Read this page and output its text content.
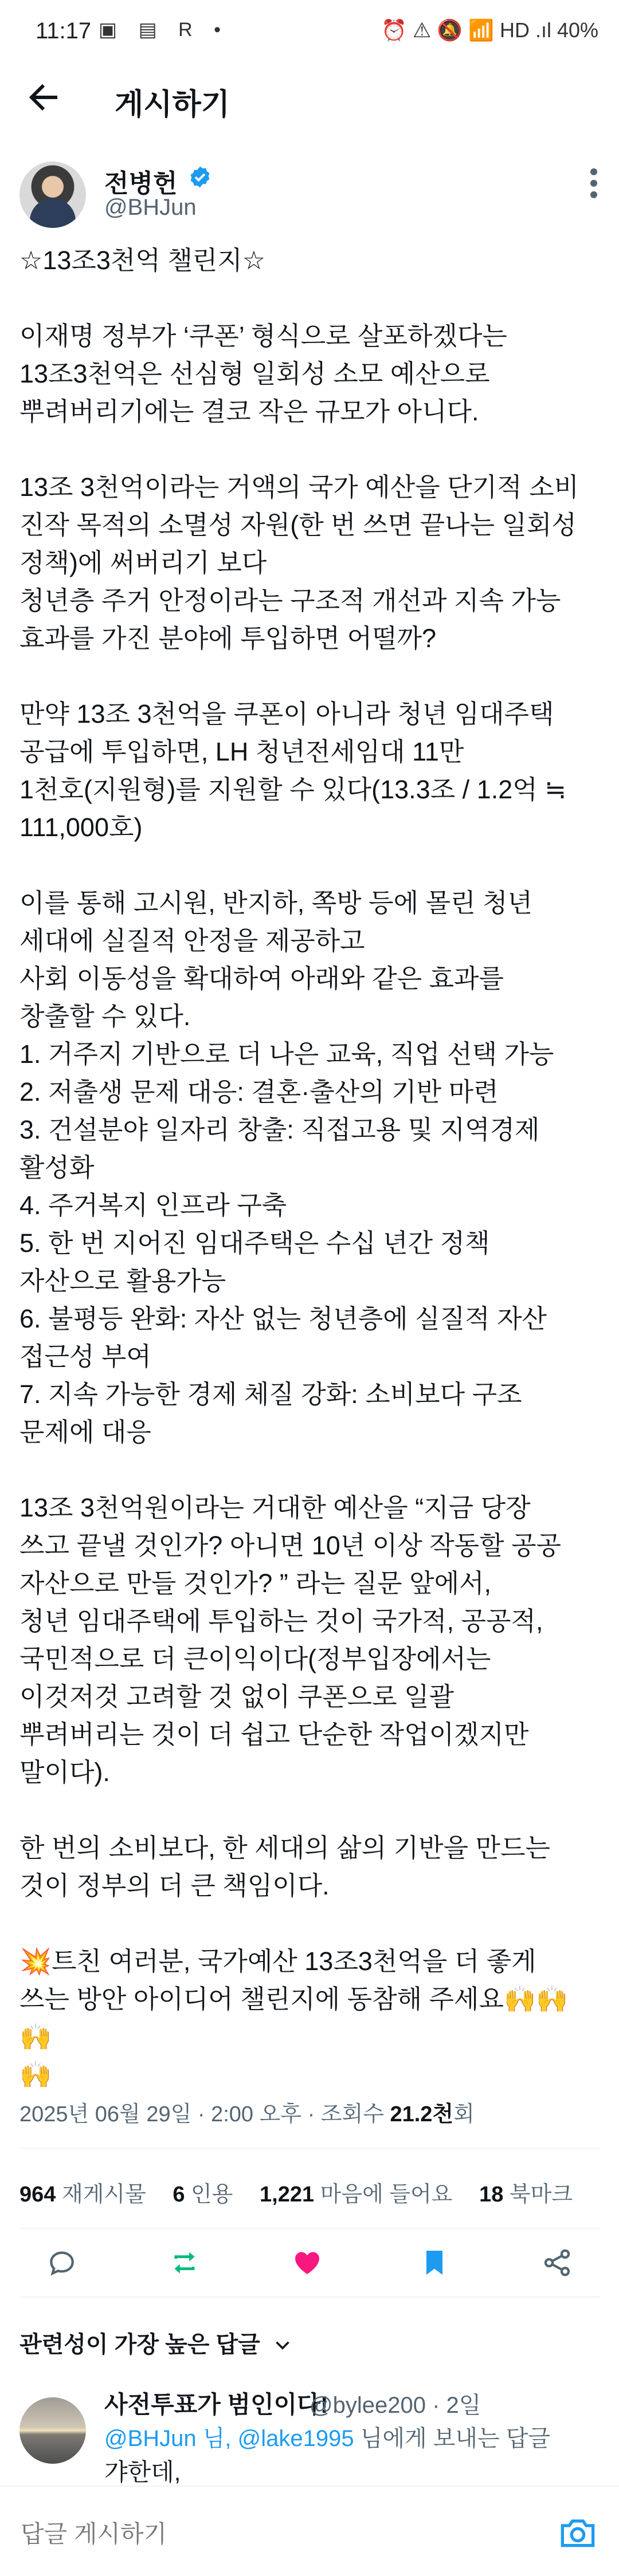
11:17 ▣ ▤ R •	⏰ ⚠ 🔕 📶 HD .ıl 40%
게시하기
전병헌
@BHJun
☆13조3천억 챌린지☆

이재명 정부가 ‘쿠폰’ 형식으로 살포하겠다는
13조3천억은 선심형 일회성 소모 예산으로
뿌려버리기에는 결코 작은 규모가 아니다.

13조 3천억이라는 거액의 국가 예산을 단기적 소비
진작 목적의 소멸성 자원(한 번 쓰면 끝나는 일회성
정책)에 써버리기 보다
청년층 주거 안정이라는 구조적 개선과 지속 가능
효과를 가진 분야에 투입하면 어떨까?

만약 13조 3천억을 쿠폰이 아니라 청년 임대주택
공급에 투입하면, LH 청년전세임대 11만
1천호(지원형)를 지원할 수 있다(13.3조 / 1.2억 ≒
111,000호)

이를 통해 고시원, 반지하, 쪽방 등에 몰린 청년
세대에 실질적 안정을 제공하고
사회 이동성을 확대하여 아래와 같은 효과를
창출할 수 있다.
1. 거주지 기반으로 더 나은 교육, 직업 선택 가능
2. 저출생 문제 대응: 결혼·출산의 기반 마련
3. 건설분야 일자리 창출: 직접고용 및 지역경제
활성화
4. 주거복지 인프라 구축
5. 한 번 지어진 임대주택은 수십 년간 정책
자산으로 활용가능
6. 불평등 완화: 자산 없는 청년층에 실질적 자산
접근성 부여
7. 지속 가능한 경제 체질 강화: 소비보다 구조
문제에 대응

13조 3천억원이라는 거대한 예산을 “지금 당장
쓰고 끝낼 것인가? 아니면 10년 이상 작동할 공공
자산으로 만들 것인가? ” 라는 질문 앞에서,
청년 임대주택에 투입하는 것이 국가적, 공공적,
국민적으로 더 큰이익이다(정부입장에서는
이것저것 고려할 것 없이 쿠폰으로 일괄
뿌려버리는 것이 더 쉽고 단순한 작업이겠지만
말이다).

한 번의 소비보다, 한 세대의 삶의 기반을 만드는
것이 정부의 더 큰 책임이다.

💥트친 여러분, 국가예산 13조3천억을 더 좋게
쓰는 방안 아이디어 챌린지에 동참해 주세요🙌🙌🙌
🙌
2025년 06월 29일 · 2:00 오후 · 조회수 21.2천회
964 재게시물 6 인용 1,221 마음에 들어요 18 북마크
관련성이 가장 높은 답글
사전투표가 범인이다!
@bylee200 · 2일
@BHJun 님, @lake1995 님에게 보내는 답글
갸한데,
답글 게시하기
